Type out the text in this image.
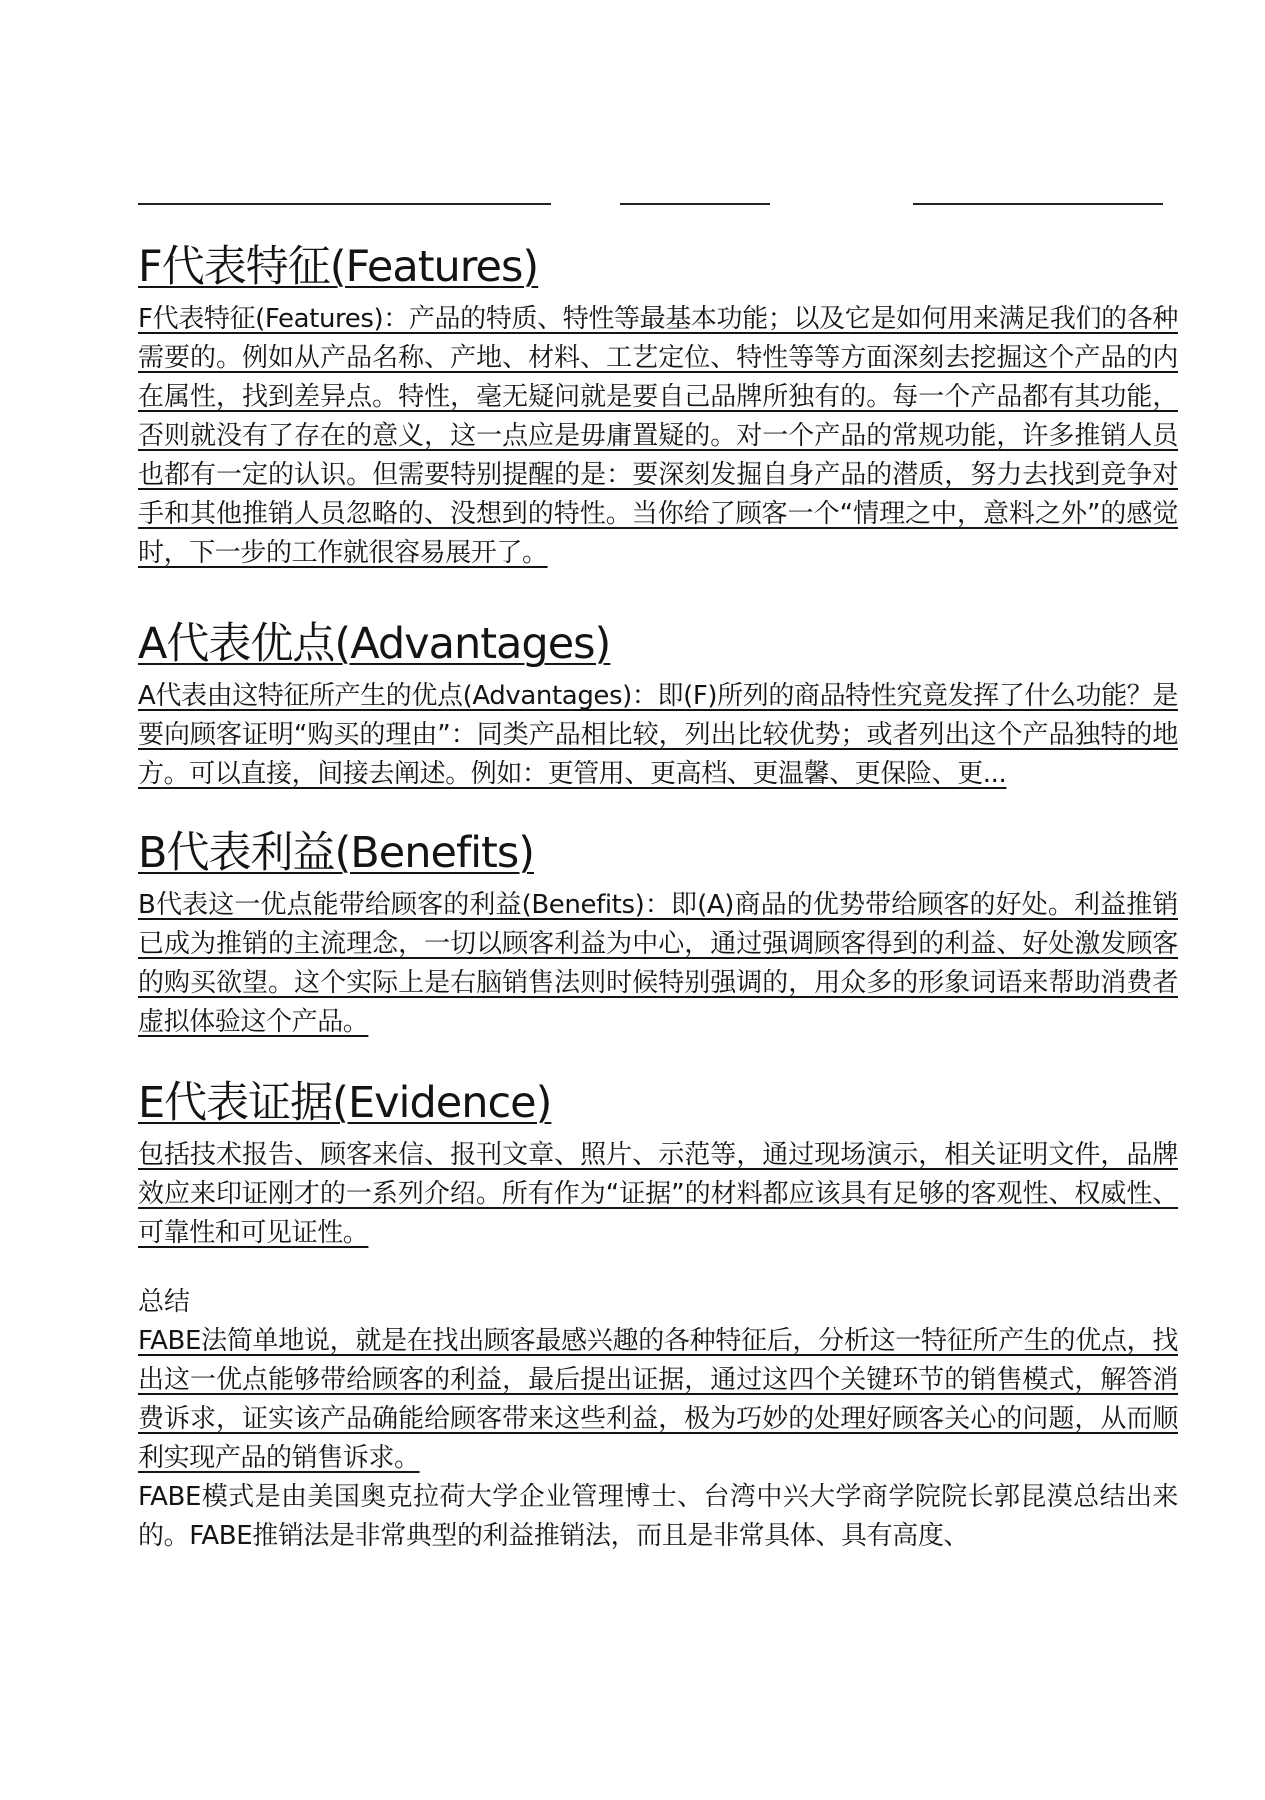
F代表特征(Features)

F代表特征(Features)：产品的特质、特性等最基本功能；以及它是如何用来满足我们的各种需要的。例如从产品名称、产地、材料、工艺定位、特性等等方面深刻去挖掘这个产品的内在属性，找到差异点。特性，毫无疑问就是要自己品牌所独有的。每一个产品都有其功能，否则就没有了存在的意义，这一点应是毋庸置疑的。对一个产品的常规功能，许多推销人员也都有一定的认识。但需要特别提醒的是：要深刻发掘自身产品的潜质，努力去找到竞争对手和其他推销人员忽略的、没想到的特性。当你给了顾客一个“情理之中，意料之外”的感觉时，下一步的工作就很容易展开了。

A代表优点(Advantages)

A代表由这特征所产生的优点(Advantages)：即(F)所列的商品特性究竟发挥了什么功能？是要向顾客证明“购买的理由”：同类产品相比较，列出比较优势；或者列出这个产品独特的地方。可以直接，间接去阐述。例如：更管用、更高档、更温馨、更保险、更...

B代表利益(Benefits)

B代表这一优点能带给顾客的利益(Benefits)：即(A)商品的优势带给顾客的好处。利益推销已成为推销的主流理念，一切以顾客利益为中心，通过强调顾客得到的利益、好处激发顾客的购买欲望。这个实际上是右脑销售法则时候特别强调的，用众多的形象词语来帮助消费者虚拟体验这个产品。

E代表证据(Evidence)

包括技术报告、顾客来信、报刊文章、照片、示范等，通过现场演示，相关证明文件，品牌效应来印证刚才的一系列介绍。所有作为“证据”的材料都应该具有足够的客观性、权威性、可靠性和可见证性。

总结

FABE法简单地说，就是在找出顾客最感兴趣的各种特征后，分析这一特征所产生的优点，找出这一优点能够带给顾客的利益，最后提出证据，通过这四个关键环节的销售模式，解答消费诉求，证实该产品确能给顾客带来这些利益，极为巧妙的处理好顾客关心的问题，从而顺利实现产品的销售诉求。

FABE模式是由美国奥克拉荷大学企业管理博士、台湾中兴大学商学院院长郭昆漠总结出来的。FABE推销法是非常典型的利益推销法，而且是非常具体、具有高度、
